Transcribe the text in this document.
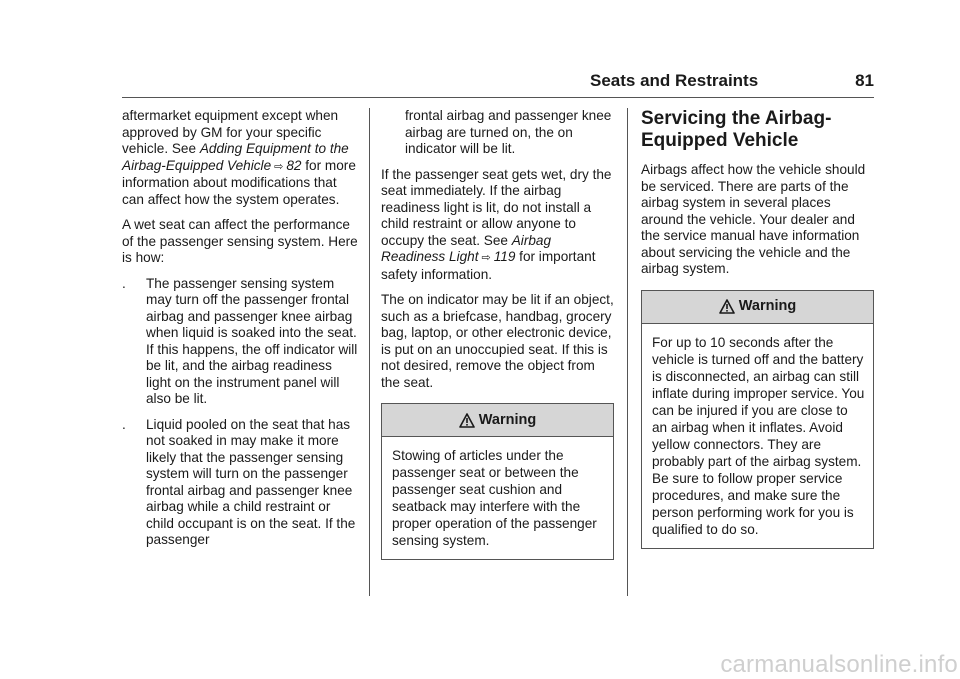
Seats and Restraints	81

aftermarket equipment except when approved by GM for your specific vehicle. See Adding Equipment to the Airbag-Equipped Vehicle ⇨ 82 for more information about modifications that can affect how the system operates.

A wet seat can affect the performance of the passenger sensing system. Here is how:

.	The passenger sensing system may turn off the passenger frontal airbag and passenger knee airbag when liquid is soaked into the seat. If this happens, the off indicator will be lit, and the airbag readiness light on the instrument panel will also be lit.
.	Liquid pooled on the seat that has not soaked in may make it more likely that the passenger sensing system will turn on the passenger frontal airbag and passenger knee airbag while a child restraint or child occupant is on the seat. If the passenger
frontal airbag and passenger knee airbag are turned on, the on indicator will be lit.

If the passenger seat gets wet, dry the seat immediately. If the airbag readiness light is lit, do not install a child restraint or allow anyone to occupy the seat. See Airbag Readiness Light ⇨ 119 for important safety information.

The on indicator may be lit if an object, such as a briefcase, handbag, grocery bag, laptop, or other electronic device, is put on an unoccupied seat. If this is not desired, remove the object from the seat.

Warning
Stowing of articles under the passenger seat or between the passenger seat cushion and seatback may interfere with the proper operation of the passenger sensing system.
Servicing the Airbag-Equipped Vehicle

Airbags affect how the vehicle should be serviced. There are parts of the airbag system in several places around the vehicle. Your dealer and the service manual have information about servicing the vehicle and the airbag system.

Warning
For up to 10 seconds after the vehicle is turned off and the battery is disconnected, an airbag can still inflate during improper service. You can be injured if you are close to an airbag when it inflates. Avoid yellow connectors. They are probably part of the airbag system. Be sure to follow proper service procedures, and make sure the person performing work for you is qualified to do so.
carmanualsonline.info
